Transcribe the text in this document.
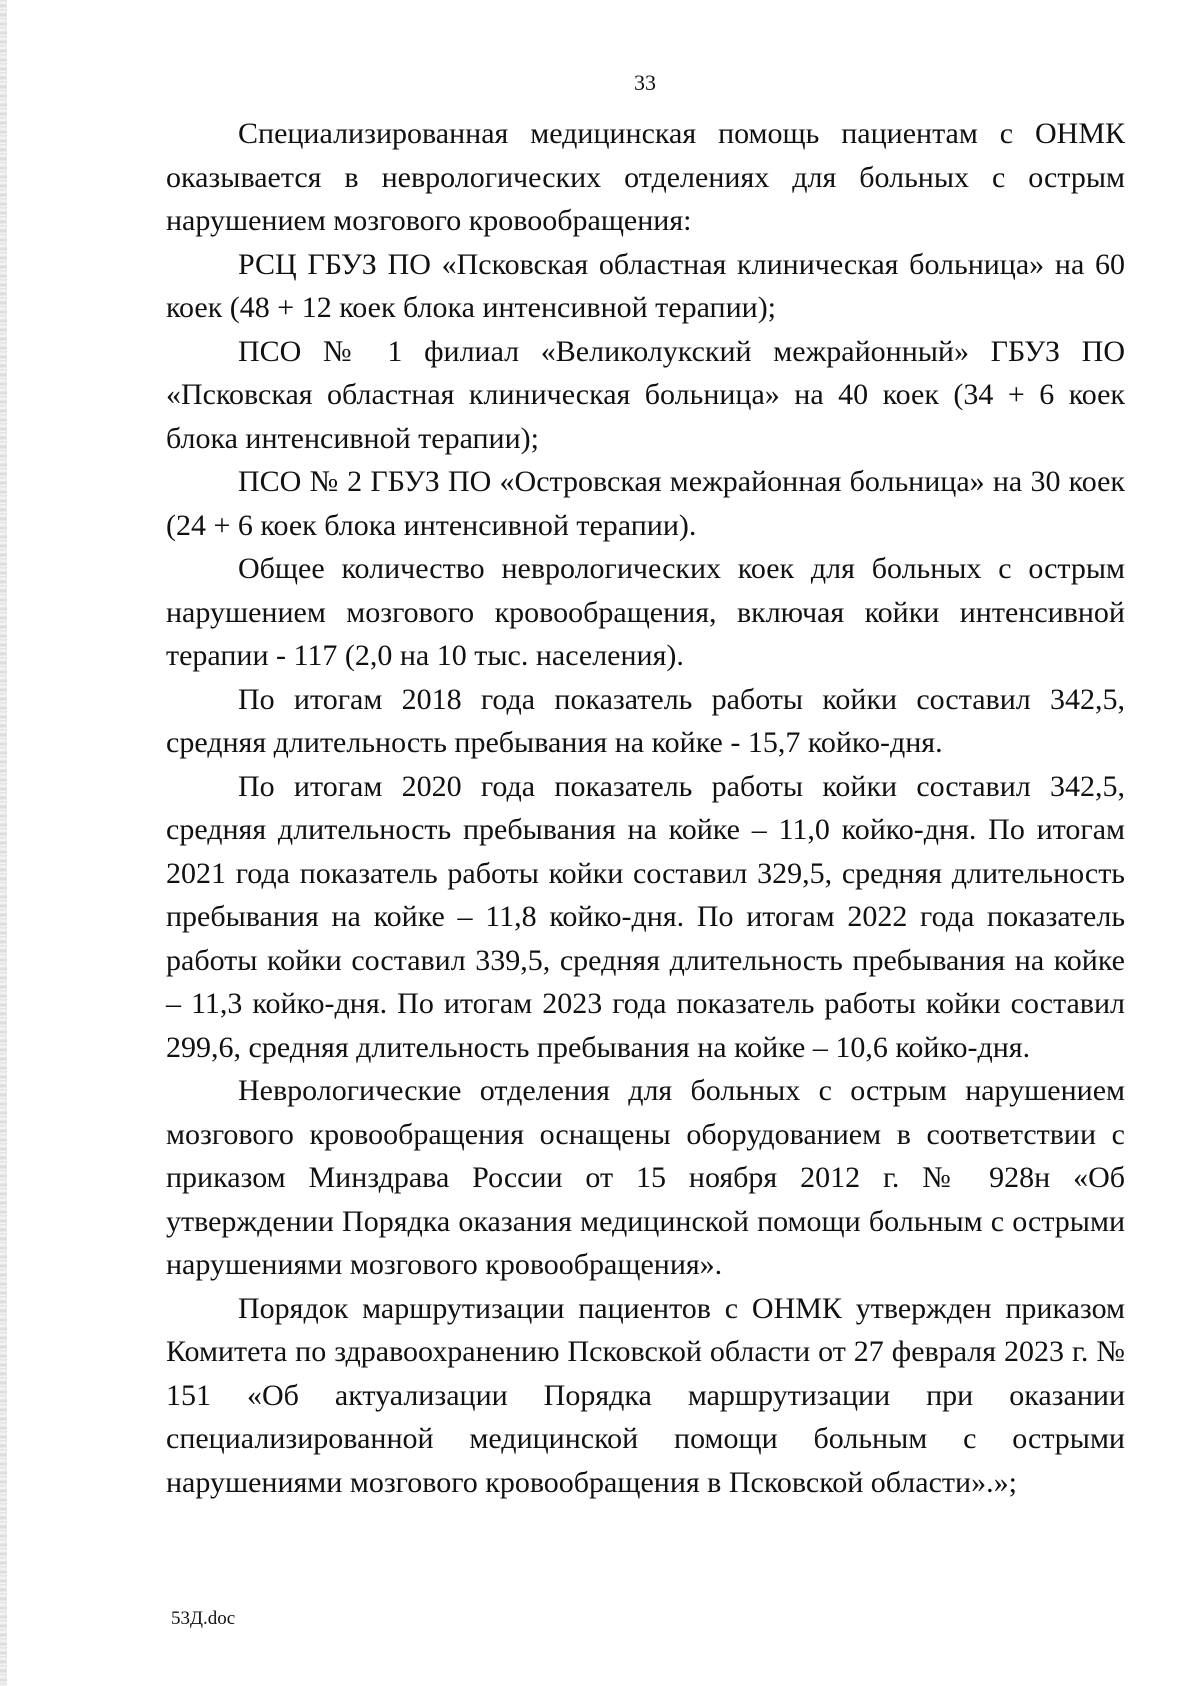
33

Специализированная медицинская помощь пациентам с ОНМК оказывается в неврологических отделениях для больных с острым нарушением мозгового кровообращения:

РСЦ ГБУЗ ПО «Псковская областная клиническая больница» на 60 коек (48 + 12 коек блока интенсивной терапии);

ПСО № 1 филиал «Великолукский межрайонный» ГБУЗ ПО «Псковская областная клиническая больница» на 40 коек (34 + 6 коек блока интенсивной терапии);

ПСО № 2 ГБУЗ ПО «Островская межрайонная больница» на 30 коек (24 + 6 коек блока интенсивной терапии).

Общее количество неврологических коек для больных с острым нарушением мозгового кровообращения, включая койки интенсивной терапии - 117 (2,0 на 10 тыс. населения).

По итогам 2018 года показатель работы койки составил 342,5, средняя длительность пребывания на койке - 15,7 койко-дня.

По итогам 2020 года показатель работы койки составил 342,5, средняя длительность пребывания на койке – 11,0 койко-дня. По итогам 2021 года показатель работы койки составил 329,5, средняя длительность пребывания на койке – 11,8 койко-дня. По итогам 2022 года показатель работы койки составил 339,5, средняя длительность пребывания на койке – 11,3 койко-дня. По итогам 2023 года показатель работы койки составил 299,6, средняя длительность пребывания на койке – 10,6 койко-дня.

Неврологические отделения для больных с острым нарушением мозгового кровообращения оснащены оборудованием в соответствии с приказом Минздрава России от 15 ноября 2012 г. № 928н «Об утверждении Порядка оказания медицинской помощи больным с острыми нарушениями мозгового кровообращения».

Порядок маршрутизации пациентов с ОНМК утвержден приказом Комитета по здравоохранению Псковской области от 27 февраля 2023 г. № 151 «Об актуализации Порядка маршрутизации при оказании специализированной медицинской помощи больным с острыми нарушениями мозгового кровообращения в Псковской области».»;

53Д.doc
